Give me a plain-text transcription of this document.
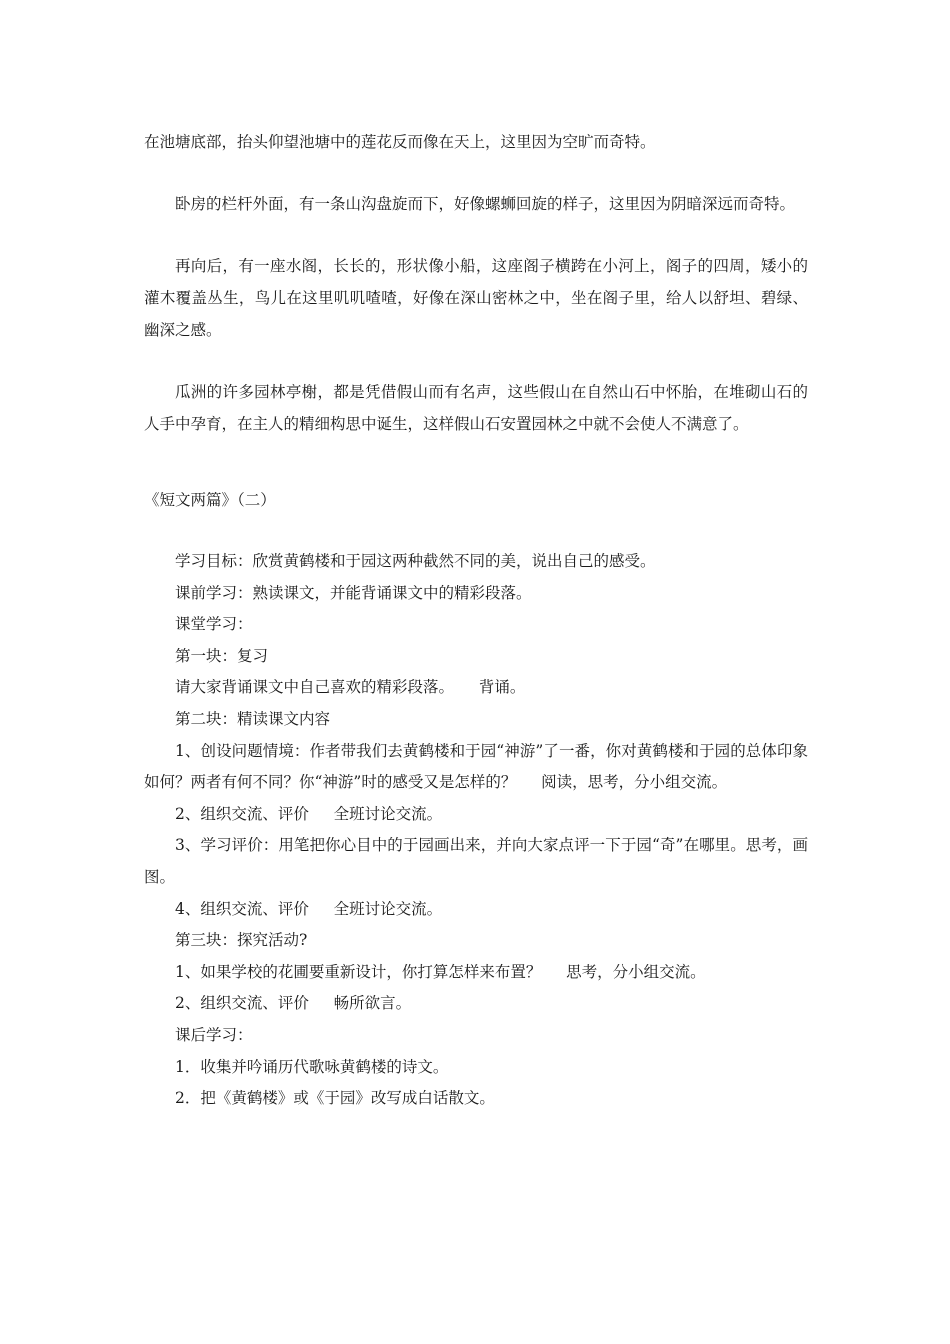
在池塘底部，抬头仰望池塘中的莲花反而像在天上，这里因为空旷而奇特。

卧房的栏杆外面，有一条山沟盘旋而下，好像螺蛳回旋的样子，这里因为阴暗深远而奇特。

再向后，有一座水阁，长长的，形状像小船，这座阁子横跨在小河上，阁子的四周，矮小的灌木覆盖丛生，鸟儿在这里叽叽喳喳，好像在深山密林之中，坐在阁子里，给人以舒坦、碧绿、幽深之感。

瓜洲的许多园林亭榭，都是凭借假山而有名声，这些假山在自然山石中怀胎，在堆砌山石的人手中孕育，在主人的精细构思中诞生，这样假山石安置园林之中就不会使人不满意了。

《短文两篇》（二）

学习目标：欣赏黄鹤楼和于园这两种截然不同的美，说出自己的感受。

课前学习：熟读课文，并能背诵课文中的精彩段落。

课堂学习：

第一块：复习

请大家背诵课文中自己喜欢的精彩段落。 背诵。

第二块：精读课文内容

1、创设问题情境：作者带我们去黄鹤楼和于园“神游”了一番，你对黄鹤楼和于园的总体印象如何？两者有何不同？你“神游”时的感受又是怎样的？ 阅读，思考，分小组交流。

2、组织交流、评价 全班讨论交流。

3、学习评价：用笔把你心目中的于园画出来，并向大家点评一下于园“奇”在哪里。思考，画图。

4、组织交流、评价 全班讨论交流。

第三块：探究活动?

1、如果学校的花圃要重新设计，你打算怎样来布置？ 思考，分小组交流。

2、组织交流、评价 畅所欲言。

课后学习：

1．收集并吟诵历代歌咏黄鹤楼的诗文。

2．把《黄鹤楼》或《于园》改写成白话散文。
